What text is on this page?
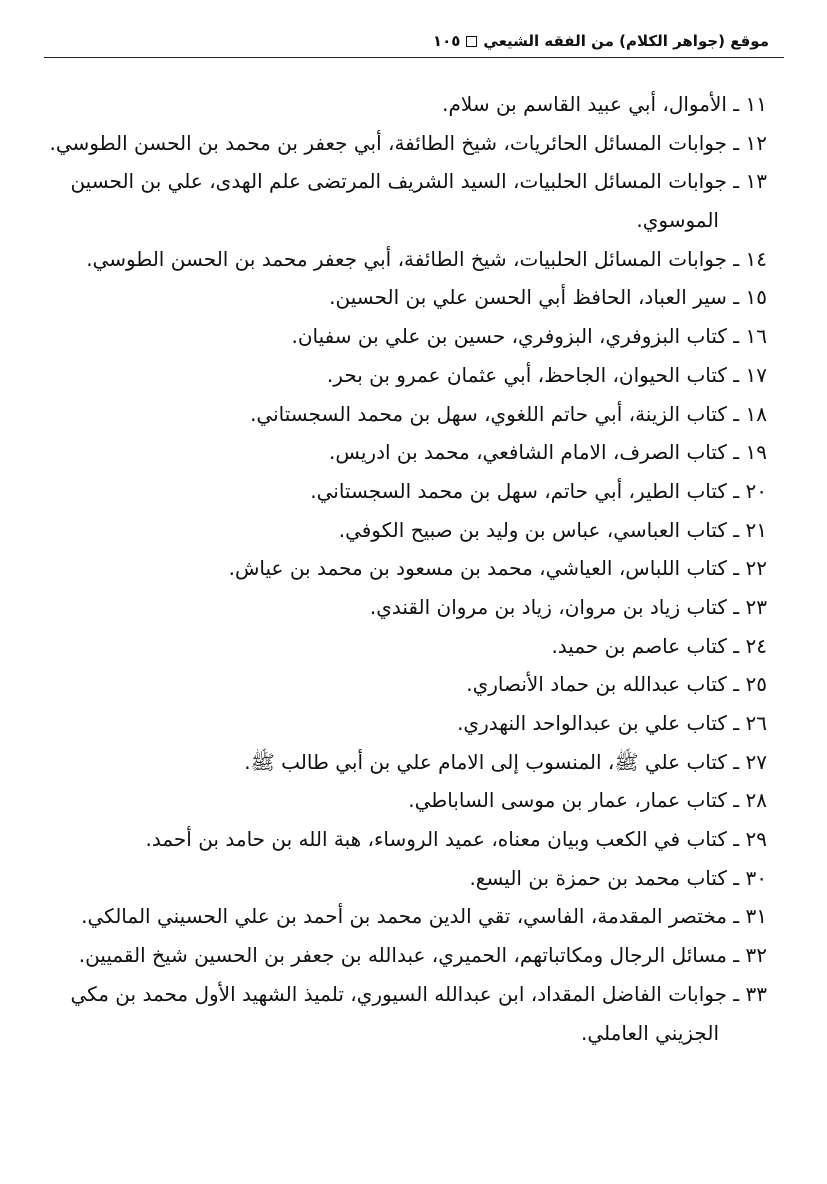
موقع (جواهر الكلام) من الفقه الشيعي١٠٥
١١ ـ الأموال، أبي عبيد القاسم بن سلام.
١٢ ـ جوابات المسائل الحائريات، شيخ الطائفة، أبي جعفر بن محمد بن الحسن الطوسي.
١٣ ـ جوابات المسائل الحلبيات، السيد الشريف المرتضى علم الهدى، علي بن الحسين
الموسوي.
١٤ ـ جوابات المسائل الحلبيات، شيخ الطائفة، أبي جعفر محمد بن الحسن الطوسي.
١٥ ـ سير العباد، الحافظ أبي الحسن علي بن الحسين.
١٦ ـ كتاب البزوفري، البزوفري، حسين بن علي بن سفيان.
١٧ ـ كتاب الحيوان، الجاحظ، أبي عثمان عمرو بن بحر.
١٨ ـ كتاب الزينة، أبي حاتم اللغوي، سهل بن محمد السجستاني.
١٩ ـ كتاب الصرف، الامام الشافعي، محمد بن ادريس.
٢٠ ـ كتاب الطير، أبي حاتم، سهل بن محمد السجستاني.
٢١ ـ كتاب العباسي، عباس بن وليد بن صبيح الكوفي.
٢٢ ـ كتاب اللباس، العياشي، محمد بن مسعود بن محمد بن عياش.
٢٣ ـ كتاب زياد بن مروان، زياد بن مروان القندي.
٢٤ ـ كتاب عاصم بن حميد.
٢٥ ـ كتاب عبدالله بن حماد الأنصاري.
٢٦ ـ كتاب علي بن عبدالواحد النهدري.
٢٧ ـ كتاب علي ﷺ، المنسوب إلى الامام علي بن أبي طالب ﷺ.
٢٨ ـ كتاب عمار، عمار بن موسى الساباطي.
٢٩ ـ كتاب في الكعب وبيان معناه، عميد الروساء، هبة الله بن حامد بن أحمد.
٣٠ ـ كتاب محمد بن حمزة بن اليسع.
٣١ ـ مختصر المقدمة، الفاسي، تقي الدين محمد بن أحمد بن علي الحسيني المالكي.
٣٢ ـ مسائل الرجال ومكاتباتهم، الحميري، عبدالله بن جعفر بن الحسين شيخ القميين.
٣٣ ـ جوابات الفاضل المقداد، ابن عبدالله السيوري، تلميذ الشهيد الأول محمد بن مكي
الجزيني العاملي.
